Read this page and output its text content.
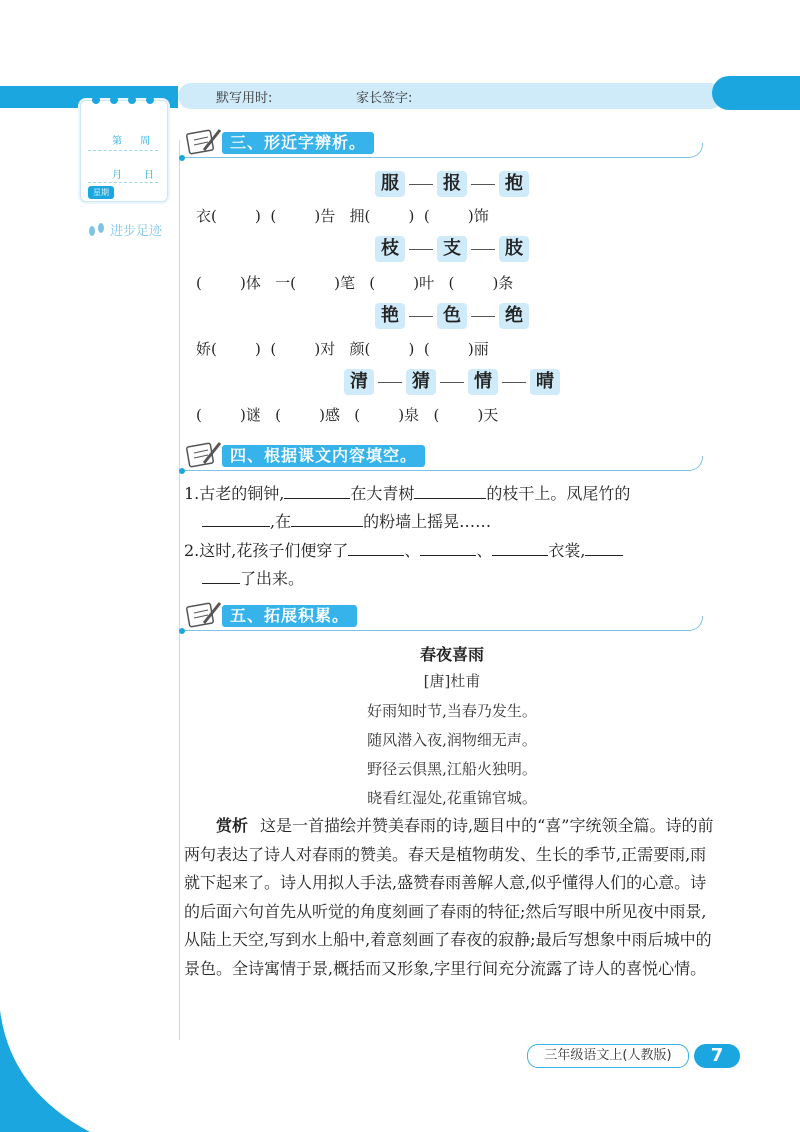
默写用时:	家长签字:
第 周
月 日
星期
进步足迹
三、形近字辨析。
服	报	抱
衣(        )  (        )告   拥(        )  (        )饰
枝	支	肢
(        )体   一(        )笔   (        )叶   (        )条
艳	色	绝
娇(        )  (        )对   颜(        )  (        )丽
清	猜	情	晴
(        )谜   (        )感   (        )泉   (        )天
四、根据课文内容填空。
1.古老的铜钟,	在大青树	的枝干上。凤尾竹的
,在	的粉墙上摇晃……
2.这时,花孩子们便穿了	、	、	衣裳,
了出来。
五、拓展积累。
春夜喜雨
[唐]杜甫
好雨知时节,当春乃发生。
随风潜入夜,润物细无声。
野径云俱黑,江船火独明。
晓看红湿处,花重锦官城。

赏析 这是一首描绘并赞美春雨的诗,题目中的“喜”字统领全篇。诗的前两句表达了诗人对春雨的赞美。春天是植物萌发、生长的季节,正需要雨,雨就下起来了。诗人用拟人手法,盛赞春雨善解人意,似乎懂得人们的心意。诗的后面六句首先从听觉的角度刻画了春雨的特征;然后写眼中所见夜中雨景,从陆上天空,写到水上船中,着意刻画了春夜的寂静;最后写想象中雨后城中的景色。全诗寓情于景,概括而又形象,字里行间充分流露了诗人的喜悦心情。

三年级语文上(人教版)	7
